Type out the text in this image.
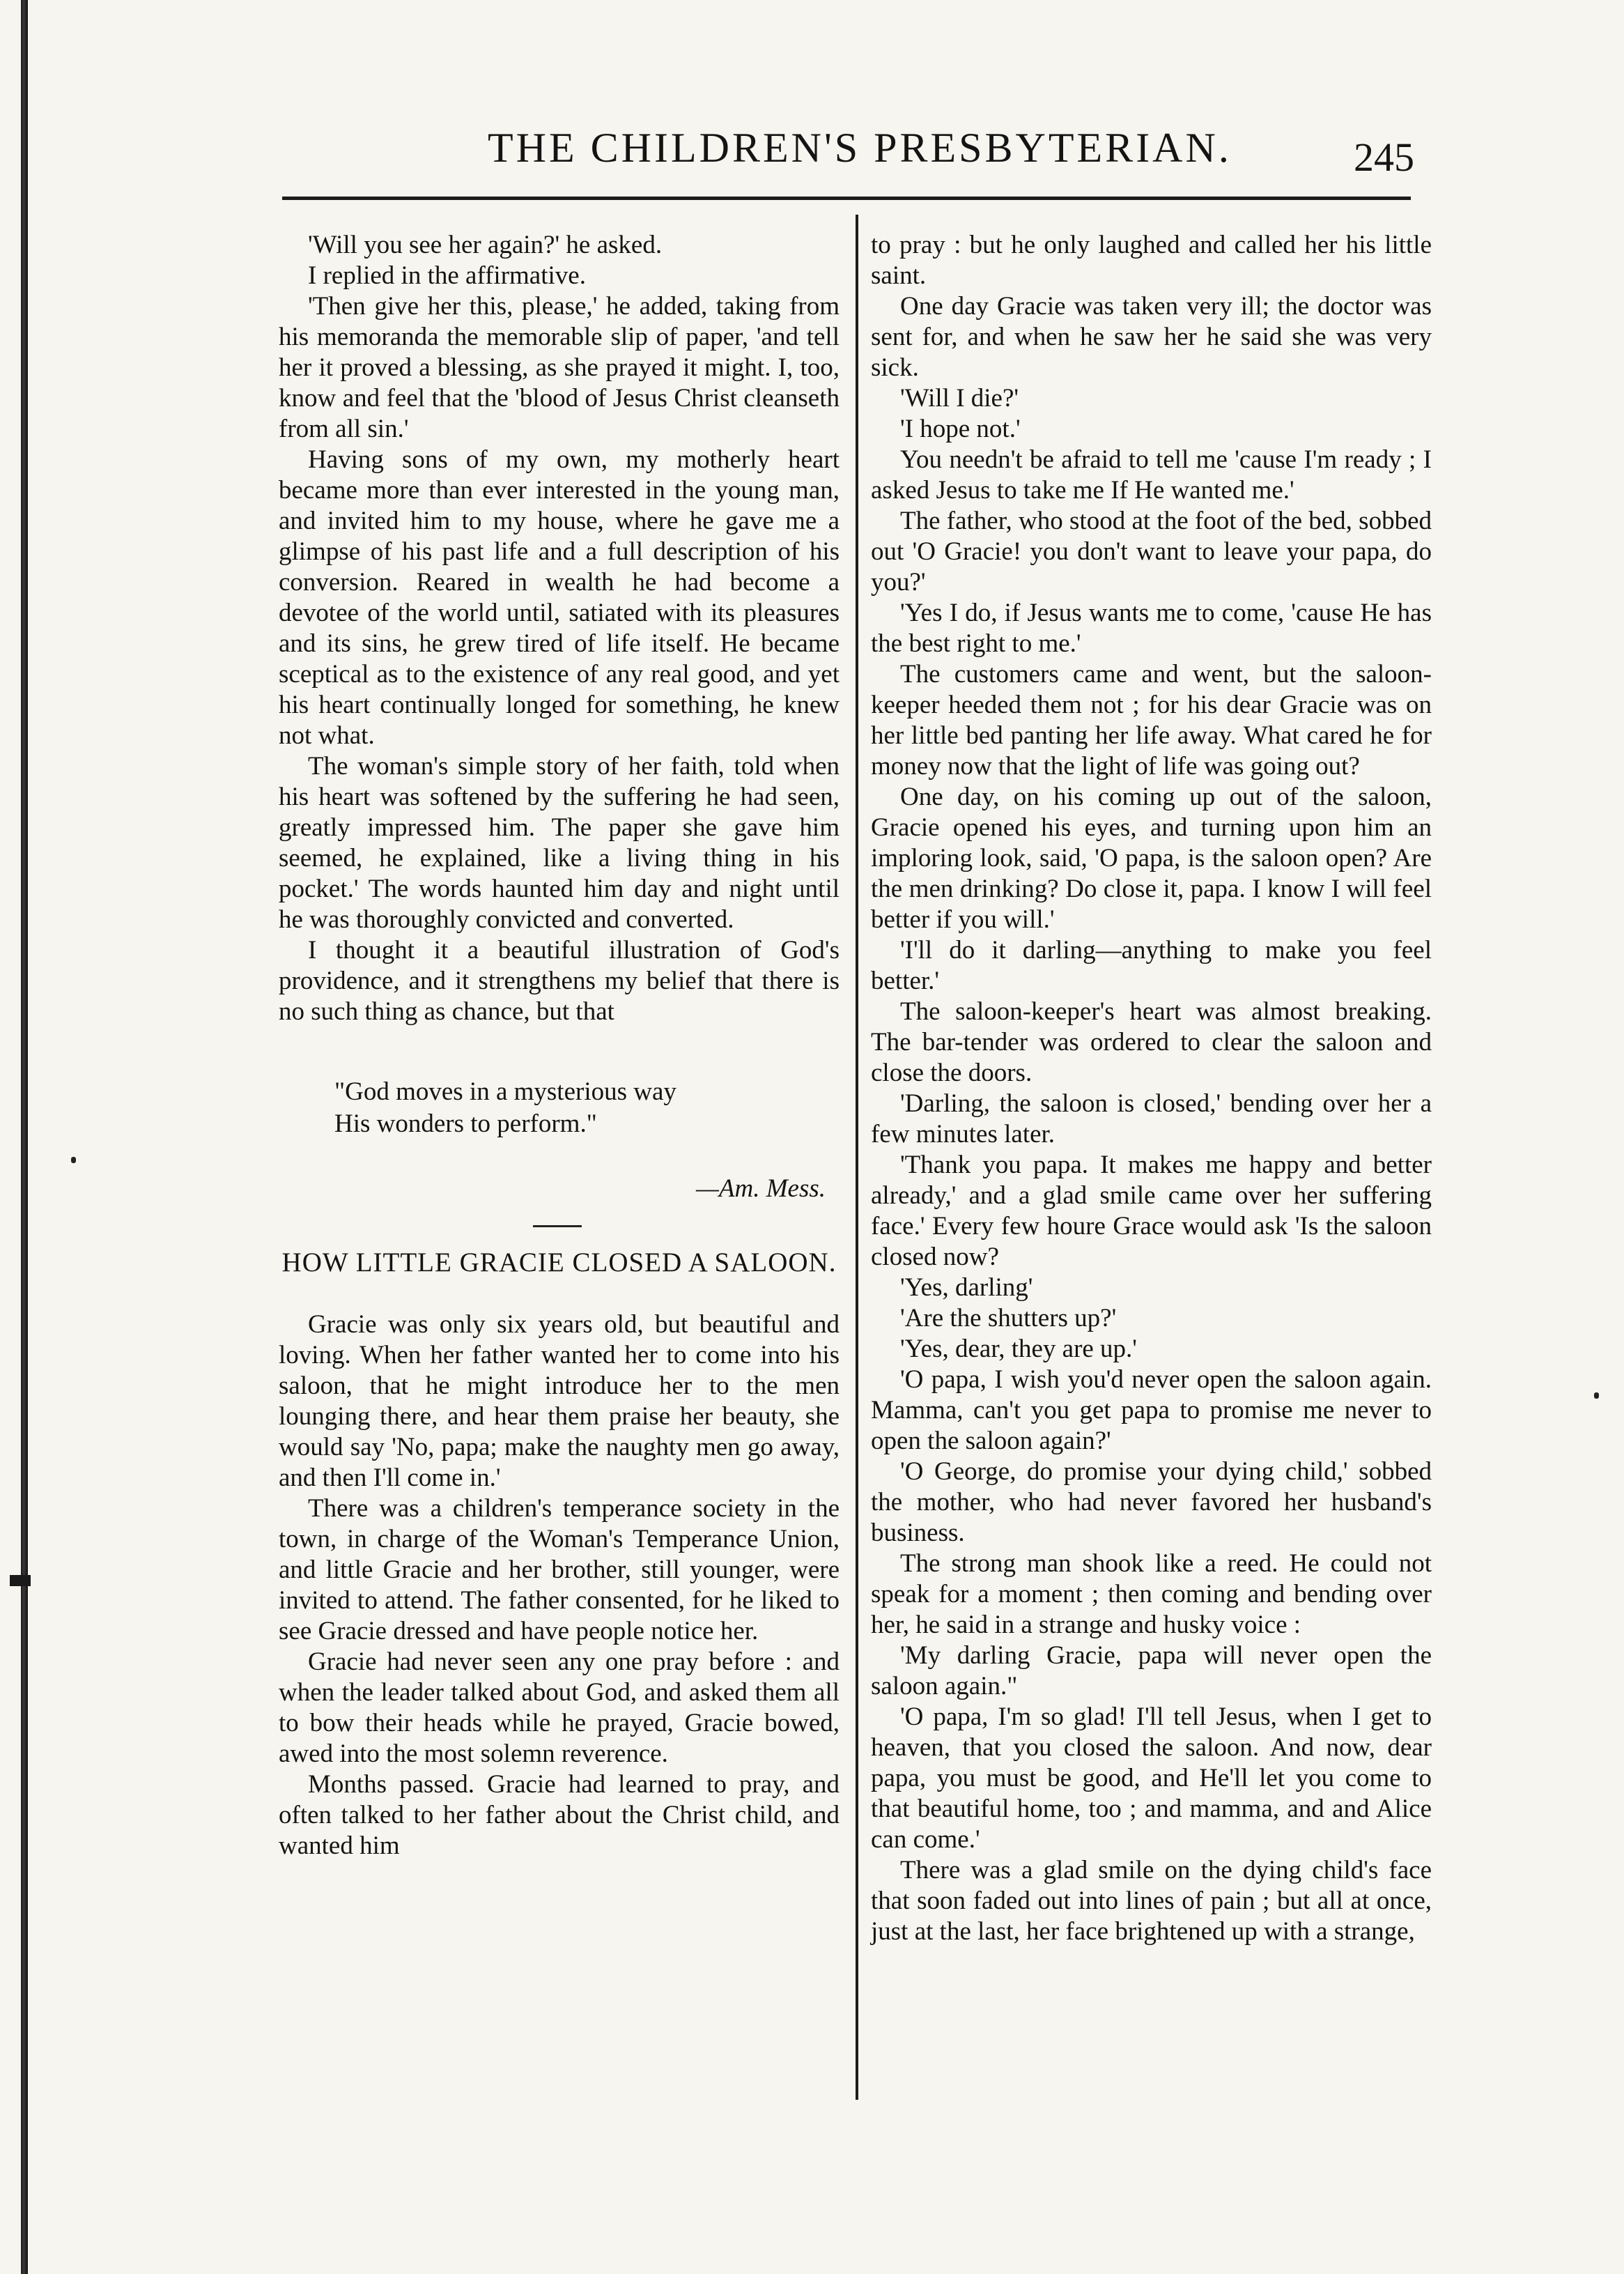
THE CHILDREN'S PRESBYTERIAN.	245

'Will you see her again?' he asked.

I replied in the affirmative.

'Then give her this, please,' he added, taking from his memoranda the memorable slip of paper, 'and tell her it proved a blessing, as she prayed it might. I, too, know and feel that the 'blood of Jesus Christ cleanseth from all sin.'

Having sons of my own, my motherly heart became more than ever interested in the young man, and invited him to my house, where he gave me a glimpse of his past life and a full description of his conversion. Reared in wealth he had become a devotee of the world until, satiated with its pleasures and its sins, he grew tired of life itself. He became sceptical as to the existence of any real good, and yet his heart continually longed for something, he knew not what.

The woman's simple story of her faith, told when his heart was softened by the suffering he had seen, greatly impressed him. The paper she gave him seemed, he explained, like a living thing in his pocket.' The words haunted him day and night until he was thoroughly convicted and converted.

I thought it a beautiful illustration of God's providence, and it strengthens my belief that there is no such thing as chance, but that

"God moves in a mysterious way
His wonders to perform."
—Am. Mess.
HOW LITTLE GRACIE CLOSED A SALOON.

Gracie was only six years old, but beautiful and loving. When her father wanted her to come into his saloon, that he might introduce her to the men lounging there, and hear them praise her beauty, she would say 'No, papa; make the naughty men go away, and then I'll come in.'

There was a children's temperance society in the town, in charge of the Woman's Temperance Union, and little Gracie and her brother, still younger, were invited to attend. The father consented, for he liked to see Gracie dressed and have people notice her.

Gracie had never seen any one pray before : and when the leader talked about God, and asked them all to bow their heads while he prayed, Gracie bowed, awed into the most solemn reverence.

Months passed. Gracie had learned to pray, and often talked to her father about the Christ child, and wanted him

to pray : but he only laughed and called her his little saint.

One day Gracie was taken very ill; the doctor was sent for, and when he saw her he said she was very sick.

'Will I die?'

'I hope not.'

You needn't be afraid to tell me 'cause I'm ready ; I asked Jesus to take me If He wanted me.'

The father, who stood at the foot of the bed, sobbed out 'O Gracie! you don't want to leave your papa, do you?'

'Yes I do, if Jesus wants me to come, 'cause He has the best right to me.'

The customers came and went, but the saloon-keeper heeded them not ; for his dear Gracie was on her little bed panting her life away. What cared he for money now that the light of life was going out?

One day, on his coming up out of the saloon, Gracie opened his eyes, and turning upon him an imploring look, said, 'O papa, is the saloon open? Are the men drinking? Do close it, papa. I know I will feel better if you will.'

'I'll do it darling—anything to make you feel better.'

The saloon-keeper's heart was almost breaking. The bar-tender was ordered to clear the saloon and close the doors.

'Darling, the saloon is closed,' bending over her a few minutes later.

'Thank you papa. It makes me happy and better already,' and a glad smile came over her suffering face.' Every few houre Grace would ask 'Is the saloon closed now?

'Yes, darling'

'Are the shutters up?'

'Yes, dear, they are up.'

'O papa, I wish you'd never open the saloon again. Mamma, can't you get papa to promise me never to open the saloon again?'

'O George, do promise your dying child,' sobbed the mother, who had never favored her husband's business.

The strong man shook like a reed. He could not speak for a moment ; then coming and bending over her, he said in a strange and husky voice :

'My darling Gracie, papa will never open the saloon again."

'O papa, I'm so glad! I'll tell Jesus, when I get to heaven, that you closed the saloon. And now, dear papa, you must be good, and He'll let you come to that beautiful home, too ; and mamma, and and Alice can come.'

There was a glad smile on the dying child's face that soon faded out into lines of pain ; but all at once, just at the last, her face brightened up with a strange,
